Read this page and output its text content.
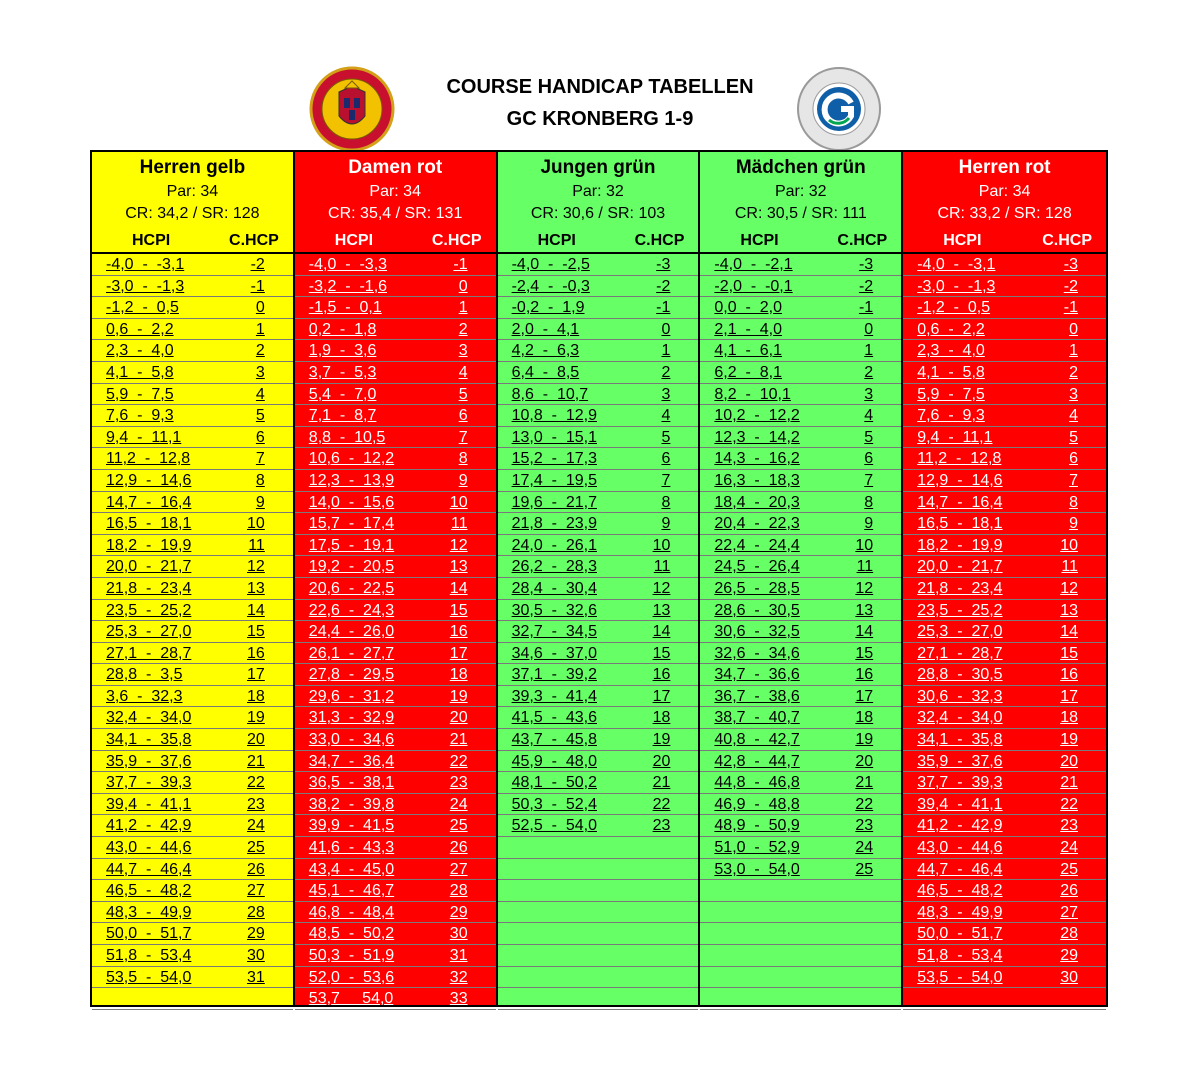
COURSE HANDICAP TABELLEN
GC KRONBERG 1-9
Herren gelb
Par: 34
CR: 34,2 / SR: 128
HCPI	C.HCP
-4,0  -  -3,1	-2
-3,0  -  -1,3	-1
-1,2  -  0,5	0
0,6  -  2,2	1
2,3  -  4,0	2
4,1  -  5,8	3
5,9  -  7,5	4
7,6  -  9,3	5
9,4  -  11,1	6
11,2  -  12,8	7
12,9  -  14,6	8
14,7  -  16,4	9
16,5  -  18,1	10
18,2  -  19,9	11
20,0  -  21,7	12
21,8  -  23,4	13
23,5  -  25,2	14
25,3  -  27,0	15
27,1  -  28,7	16
28,8  -  3,5	17
3,6  -  32,3	18
32,4  -  34,0	19
34,1  -  35,8	20
35,9  -  37,6	21
37,7  -  39,3	22
39,4  -  41,1	23
41,2  -  42,9	24
43,0  -  44,6	25
44,7  -  46,4	26
46,5  -  48,2	27
48,3  -  49,9	28
50,0  -  51,7	29
51,8  -  53,4	30
53,5  -  54,0	31
Damen rot
Par: 34
CR: 35,4 / SR: 131
HCPI	C.HCP
-4,0  -  -3,3	-1
-3,2  -  -1,6	0
-1,5  -  0,1	1
0,2  -  1,8	2
1,9  -  3,6	3
3,7  -  5,3	4
5,4  -  7,0	5
7,1  -  8,7	6
8,8  -  10,5	7
10,6  -  12,2	8
12,3  -  13,9	9
14,0  -  15,6	10
15,7  -  17,4	11
17,5  -  19,1	12
19,2  -  20,5	13
20,6  -  22,5	14
22,6  -  24,3	15
24,4  -  26,0	16
26,1  -  27,7	17
27,8  -  29,5	18
29,6  -  31,2	19
31,3  -  32,9	20
33,0  -  34,6	21
34,7  -  36,4	22
36,5  -  38,1	23
38,2  -  39,8	24
39,9  -  41,5	25
41,6  -  43,3	26
43,4  -  45,0	27
45,1  -  46,7	28
46,8  -  48,4	29
48,5  -  50,2	30
50,3  -  51,9	31
52,0  -  53,6	32
53,7     54,0	33
Jungen grün
Par: 32
CR: 30,6 / SR: 103
HCPI	C.HCP
-4,0  -  -2,5	-3
-2,4  -  -0,3	-2
-0,2  -  1,9	-1
2,0  -  4,1	0
4,2  -  6,3	1
6,4  -  8,5	2
8,6  -  10,7	3
10,8  -  12,9	4
13,0  -  15,1	5
15,2  -  17,3	6
17,4  -  19,5	7
19,6  -  21,7	8
21,8  -  23,9	9
24,0  -  26,1	10
26,2  -  28,3	11
28,4  -  30,4	12
30,5  -  32,6	13
32,7  -  34,5	14
34,6  -  37,0	15
37,1  -  39,2	16
39,3  -  41,4	17
41,5  -  43,6	18
43,7  -  45,8	19
45,9  -  48,0	20
48,1  -  50,2	21
50,3  -  52,4	22
52,5  -  54,0	23
Mädchen grün
Par: 32
CR: 30,5 / SR: 111
HCPI	C.HCP
-4,0  -  -2,1	-3
-2,0  -  -0,1	-2
0,0  -  2,0	-1
2,1  -  4,0	0
4,1  -  6,1	1
6,2  -  8,1	2
8,2  -  10,1	3
10,2  -  12,2	4
12,3  -  14,2	5
14,3  -  16,2	6
16,3  -  18,3	7
18,4  -  20,3	8
20,4  -  22,3	9
22,4  -  24,4	10
24,5  -  26,4	11
26,5  -  28,5	12
28,6  -  30,5	13
30,6  -  32,5	14
32,6  -  34,6	15
34,7  -  36,6	16
36,7  -  38,6	17
38,7  -  40,7	18
40,8  -  42,7	19
42,8  -  44,7	20
44,8  -  46,8	21
46,9  -  48,8	22
48,9  -  50,9	23
51,0  -  52,9	24
53,0  -  54,0	25
Herren rot
Par: 34
CR: 33,2 / SR: 128
HCPI	C.HCP
-4,0  -  -3,1	-3
-3,0  -  -1,3	-2
-1,2  -  0,5	-1
0,6  -  2,2	0
2,3  -  4,0	1
4,1  -  5,8	2
5,9  -  7,5	3
7,6  -  9,3	4
9,4  -  11,1	5
11,2  -  12,8	6
12,9  -  14,6	7
14,7  -  16,4	8
16,5  -  18,1	9
18,2  -  19,9	10
20,0  -  21,7	11
21,8  -  23,4	12
23,5  -  25,2	13
25,3  -  27,0	14
27,1  -  28,7	15
28,8  -  30,5	16
30,6  -  32,3	17
32,4  -  34,0	18
34,1  -  35,8	19
35,9  -  37,6	20
37,7  -  39,3	21
39,4  -  41,1	22
41,2  -  42,9	23
43,0  -  44,6	24
44,7  -  46,4	25
46,5  -  48,2	26
48,3  -  49,9	27
50,0  -  51,7	28
51,8  -  53,4	29
53,5  -  54,0	30
